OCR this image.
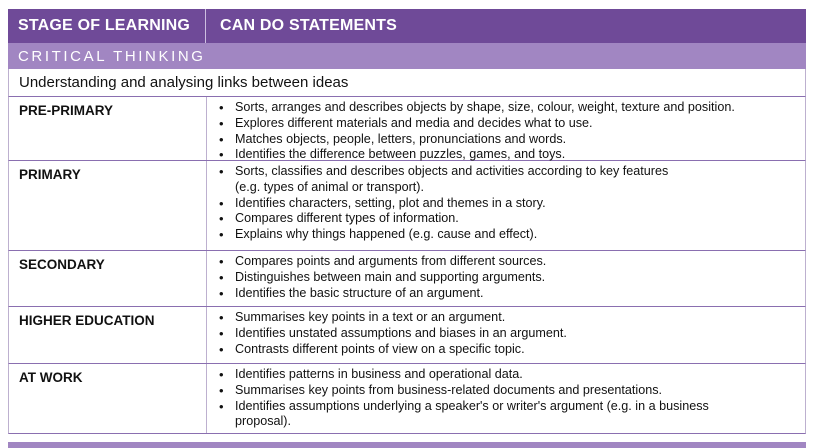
STAGE OF LEARNING	CAN DO STATEMENTS
CRITICAL THINKING
Understanding and analysing links between ideas
PRE-PRIMARY	• Sorts, arranges and describes objects by shape, size, colour, weight, texture and position.
• Explores different materials and media and decides what to use.
• Matches objects, people, letters, pronunciations and words.
• Identifies the difference between puzzles, games, and toys.
PRIMARY	• Sorts, classifies and describes objects and activities according to key features
(e.g. types of animal or transport).
• Identifies characters, setting, plot and themes in a story.
• Compares different types of information.
• Explains why things happened (e.g. cause and effect).
SECONDARY	• Compares points and arguments from different sources.
• Distinguishes between main and supporting arguments.
• Identifies the basic structure of an argument.
HIGHER EDUCATION	• Summarises key points in a text or an argument.
• Identifies unstated assumptions and biases in an argument.
• Contrasts different points of view on a specific topic.
AT WORK	• Identifies patterns in business and operational data.
• Summarises key points from business-related documents and presentations.
• Identifies assumptions underlying a speaker's or writer's argument (e.g. in a business
proposal).
